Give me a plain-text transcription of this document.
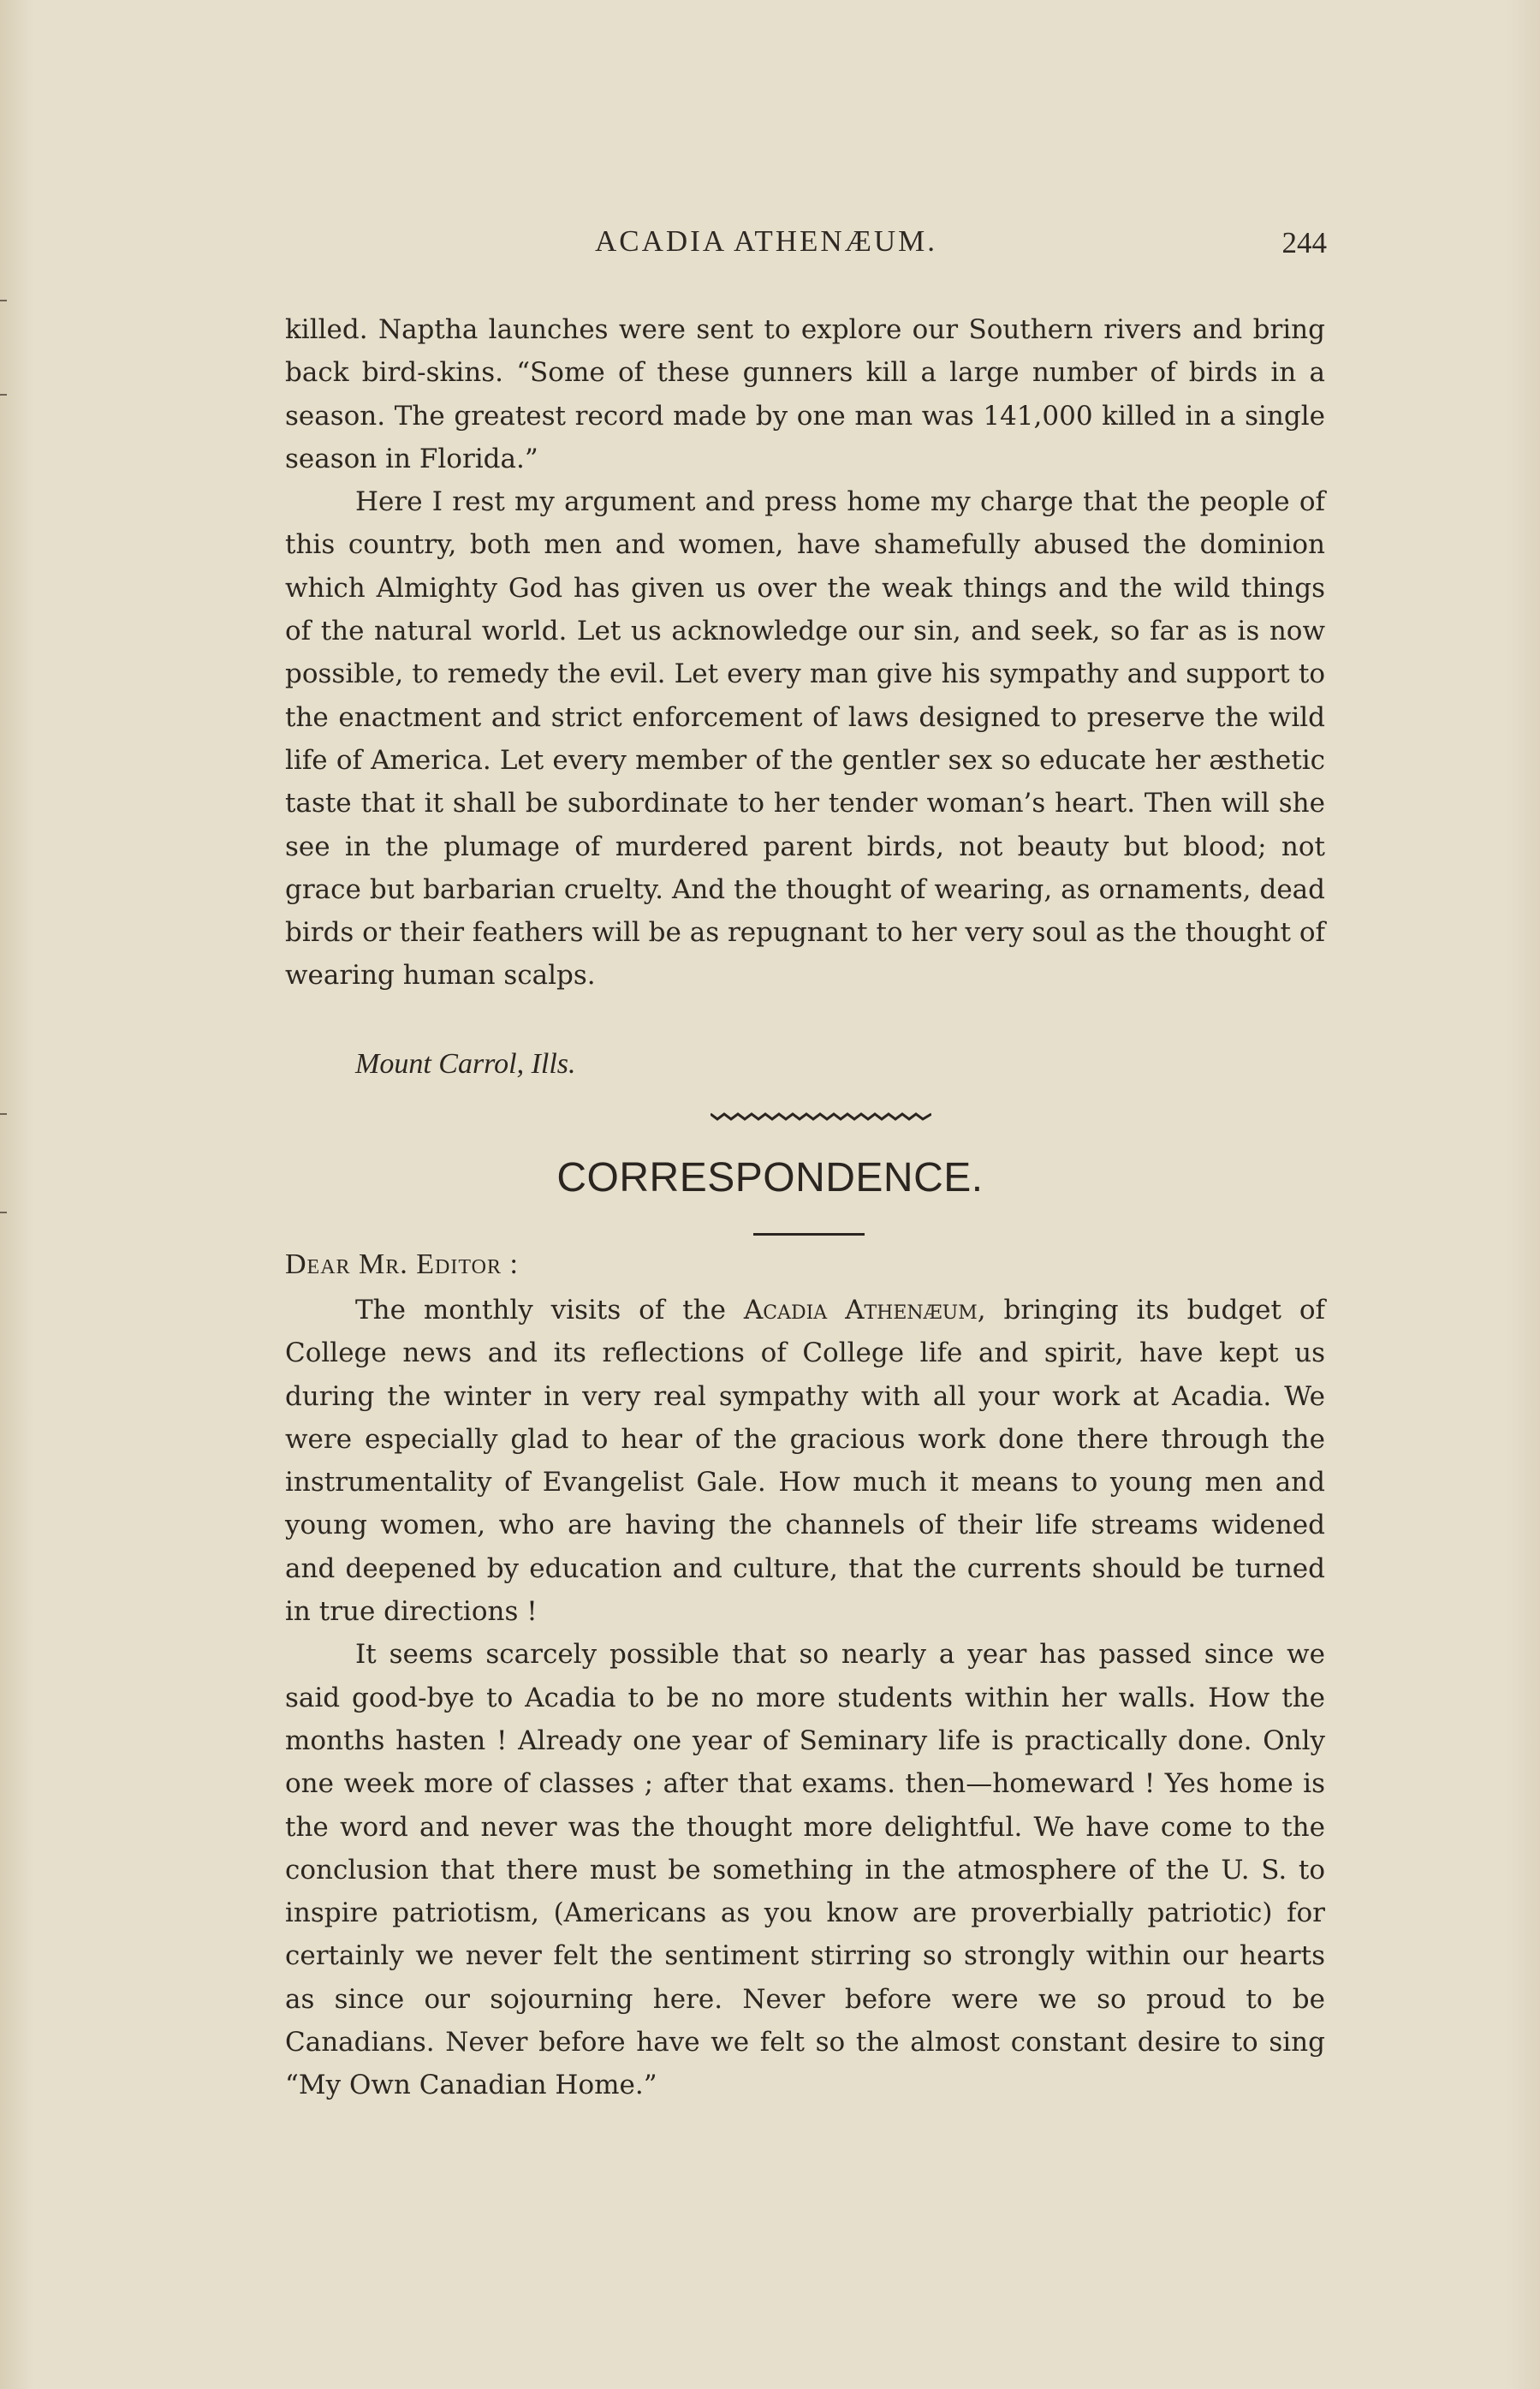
ACADIA ATHENÆUM.	244

killed. Naptha launches were sent to explore our Southern rivers and bring back bird-skins. “Some of these gunners kill a large number of birds in a season. The greatest record made by one man was 141,000 killed in a single season in Florida.”

Here I rest my argument and press home my charge that the people of this country, both men and women, have shamefully abused the dominion which Almighty God has given us over the weak things and the wild things of the natural world. Let us acknowledge our sin, and seek, so far as is now possible, to remedy the evil. Let every man give his sympathy and support to the enactment and strict enforcement of laws designed to preserve the wild life of America. Let every member of the gentler sex so educate her æsthetic taste that it shall be subordinate to her tender woman’s heart. Then will she see in the plumage of murdered parent birds, not beauty but blood; not grace but barbarian cruelty. And the thought of wearing, as ornaments, dead birds or their feathers will be as repugnant to her very soul as the thought of wearing human scalps.

Mount Carrol, Ills.
CORRESPONDENCE.
Dear Mr. Editor :

The monthly visits of the Acadia Athenæum, bringing its budget of College news and its reflections of College life and spirit, have kept us during the winter in very real sympathy with all your work at Acadia. We were especially glad to hear of the gracious work done there through the instrumentality of Evangelist Gale. How much it means to young men and young women, who are having the channels of their life streams widened and deepened by education and culture, that the currents should be turned in true directions !

It seems scarcely possible that so nearly a year has passed since we said good-bye to Acadia to be no more students within her walls. How the months hasten ! Already one year of Seminary life is practically done. Only one week more of classes ; after that exams. then—homeward ! Yes home is the word and never was the thought more delightful. We have come to the conclusion that there must be something in the atmosphere of the U. S. to inspire patriotism, (Americans as you know are proverbially patriotic) for certainly we never felt the sentiment stirring so strongly within our hearts as since our sojourning here. Never before were we so proud to be Canadians. Never before have we felt so the almost constant desire to sing “My Own Canadian Home.”
